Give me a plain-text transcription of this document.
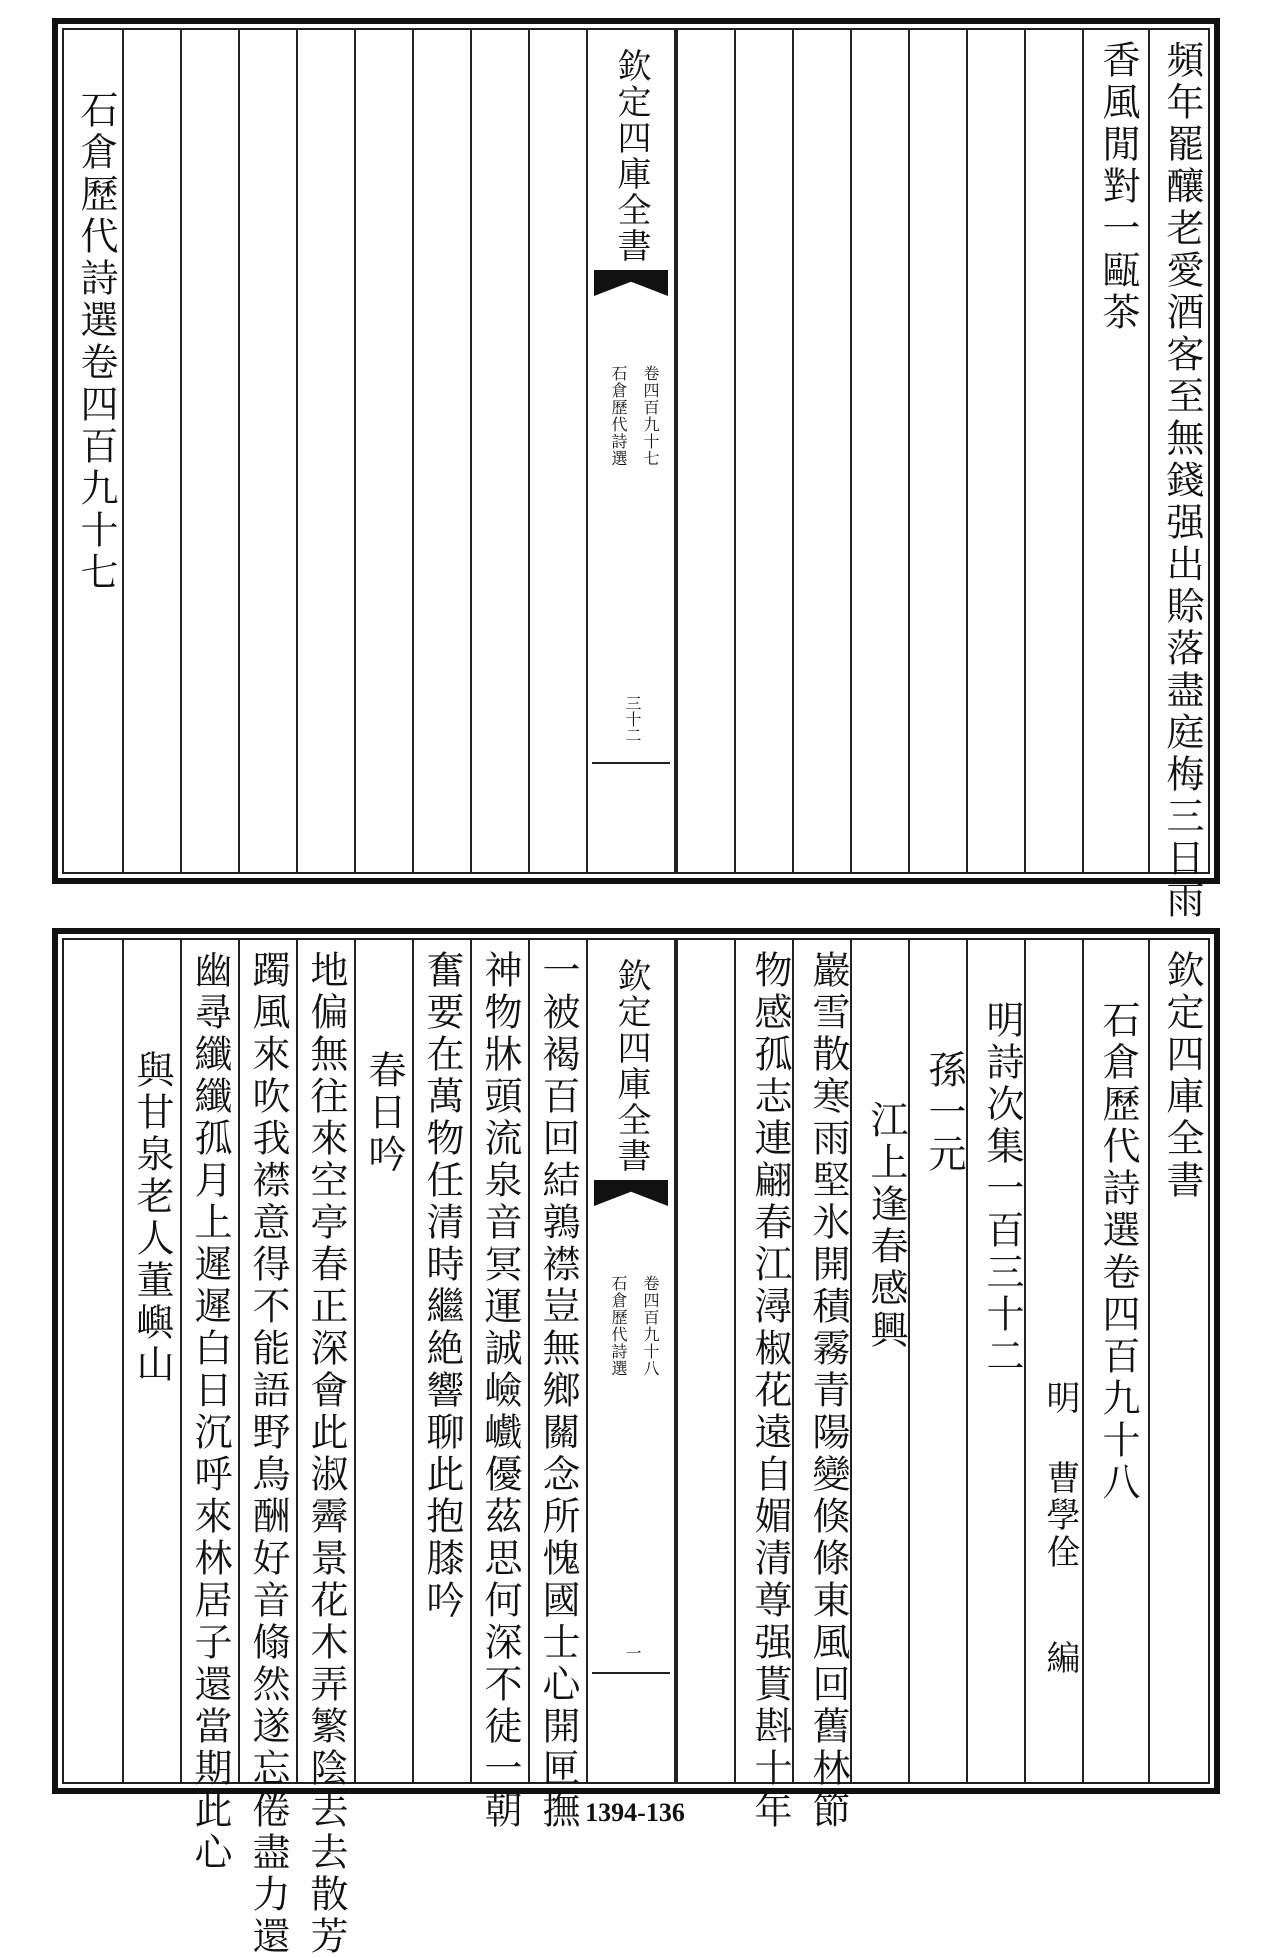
頻年罷釀老愛酒客至無錢强出賒落盡庭梅三日雨
香風閒對一甌茶
欽定四庫全書
石倉歷代詩選 卷四百九十七
三十二
石倉歷代詩選卷四百九十七
欽定四庫全書
石倉歷代詩選卷四百九十八
明
曹學佺
編
明詩次集一百三十二
孫一元
江上逢春感興
巖雪散寒雨堅氷開積霧青陽變倏條東風回舊林節
物感孤志連翩春江潯椒花遠自媚清尊强貰斟十年
欽定四庫全書
石倉歷代詩選 卷四百九十八
一
一被褐百回結鶉襟豈無鄉關念所愧國士心開匣撫
神物牀頭流泉音冥運誠嶮巇優茲思何深不徒一朝
奮要在萬物任清時繼絶響聊此抱膝吟
春日吟
地偏無往來空亭春正深會此淑霽景花木弄繁陰去去散芳
躅風來吹我襟意得不能語野鳥酬好音翛然遂忘倦盡力還
幽尋纖纖孤月上遲遲白日沉呼來林居子還當期此心
與甘泉老人董嶼山
1394-136
